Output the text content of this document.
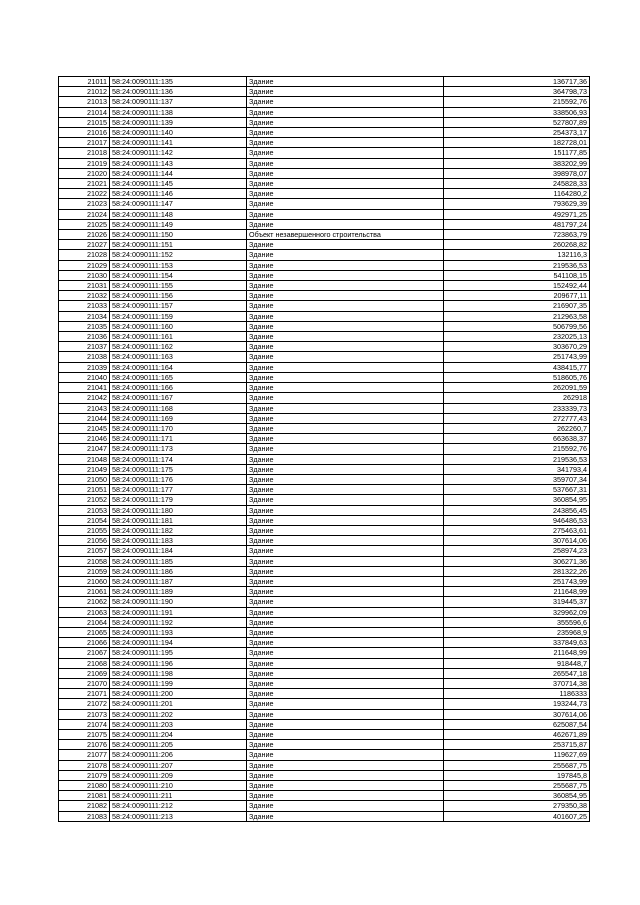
21011	58:24:0090111:135	Здание	136717,36
21012	58:24:0090111:136	Здание	364798,73
21013	58:24:0090111:137	Здание	215592,76
21014	58:24:0090111:138	Здание	338506,93
21015	58:24:0090111:139	Здание	527807,89
21016	58:24:0090111:140	Здание	254373,17
21017	58:24:0090111:141	Здание	182728,01
21018	58:24:0090111:142	Здание	151177,85
21019	58:24:0090111:143	Здание	383202,99
21020	58:24:0090111:144	Здание	398978,07
21021	58:24:0090111:145	Здание	245828,33
21022	58:24:0090111:146	Здание	1164280,2
21023	58:24:0090111:147	Здание	793629,39
21024	58:24:0090111:148	Здание	492971,25
21025	58:24:0090111:149	Здание	481797,24
21026	58:24:0090111:150	Объект незавершенного строительства	723863,79
21027	58:24:0090111:151	Здание	260268,82
21028	58:24:0090111:152	Здание	132116,3
21029	58:24:0090111:153	Здание	219536,53
21030	58:24:0090111:154	Здание	541108,15
21031	58:24:0090111:155	Здание	152492,44
21032	58:24:0090111:156	Здание	209677,11
21033	58:24:0090111:157	Здание	216907,35
21034	58:24:0090111:159	Здание	212963,58
21035	58:24:0090111:160	Здание	506799,56
21036	58:24:0090111:161	Здание	232025,13
21037	58:24:0090111:162	Здание	303670,29
21038	58:24:0090111:163	Здание	251743,99
21039	58:24:0090111:164	Здание	438415,77
21040	58:24:0090111:165	Здание	518605,76
21041	58:24:0090111:166	Здание	262091,59
21042	58:24:0090111:167	Здание	262918
21043	58:24:0090111:168	Здание	233339,73
21044	58:24:0090111:169	Здание	272777,43
21045	58:24:0090111:170	Здание	262260,7
21046	58:24:0090111:171	Здание	663638,37
21047	58:24:0090111:173	Здание	215592,76
21048	58:24:0090111:174	Здание	219536,53
21049	58:24:0090111:175	Здание	341793,4
21050	58:24:0090111:176	Здание	359707,34
21051	58:24:0090111:177	Здание	537667,31
21052	58:24:0090111:179	Здание	360854,95
21053	58:24:0090111:180	Здание	243856,45
21054	58:24:0090111:181	Здание	946486,53
21055	58:24:0090111:182	Здание	275463,61
21056	58:24:0090111:183	Здание	307614,06
21057	58:24:0090111:184	Здание	258974,23
21058	58:24:0090111:185	Здание	306271,36
21059	58:24:0090111:186	Здание	281322,26
21060	58:24:0090111:187	Здание	251743,99
21061	58:24:0090111:189	Здание	211648,99
21062	58:24:0090111:190	Здание	319445,37
21063	58:24:0090111:191	Здание	329962,09
21064	58:24:0090111:192	Здание	355596,6
21065	58:24:0090111:193	Здание	235968,9
21066	58:24:0090111:194	Здание	337849,63
21067	58:24:0090111:195	Здание	211648,99
21068	58:24:0090111:196	Здание	918448,7
21069	58:24:0090111:198	Здание	265547,18
21070	58:24:0090111:199	Здание	370714,38
21071	58:24:0090111:200	Здание	1186333
21072	58:24:0090111:201	Здание	193244,73
21073	58:24:0090111:202	Здание	307614,06
21074	58:24:0090111:203	Здание	625087,54
21075	58:24:0090111:204	Здание	462671,89
21076	58:24:0090111:205	Здание	253715,87
21077	58:24:0090111:206	Здание	119627,69
21078	58:24:0090111:207	Здание	255687,75
21079	58:24:0090111:209	Здание	197845,8
21080	58:24:0090111:210	Здание	255687,75
21081	58:24:0090111:211	Здание	360854,95
21082	58:24:0090111:212	Здание	279350,38
21083	58:24:0090111:213	Здание	401607,25
